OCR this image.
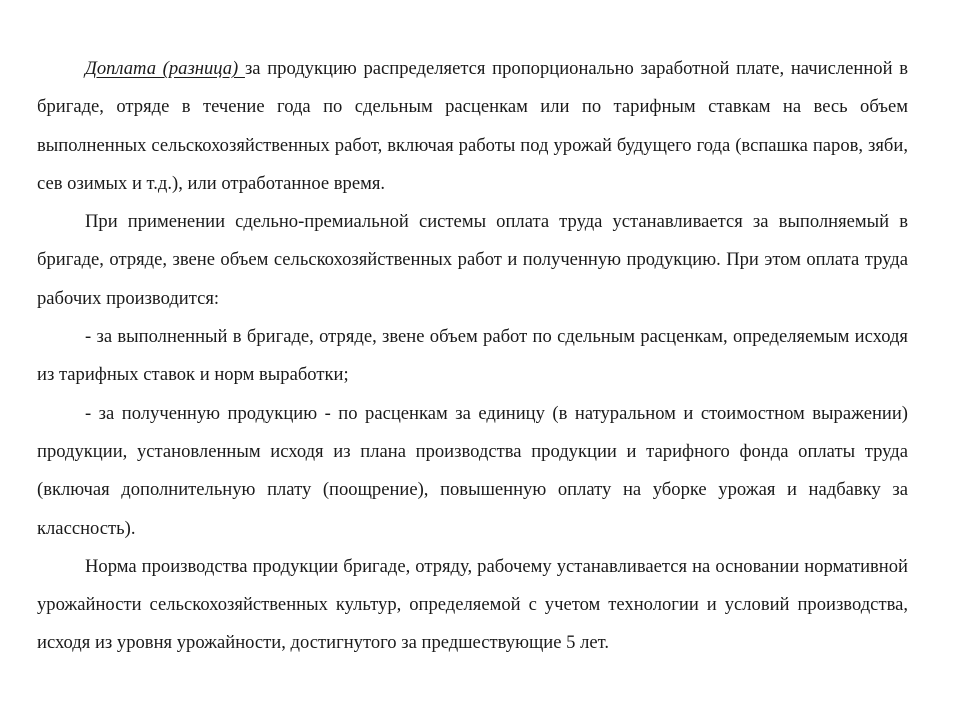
Доплата (разница) за продукцию распределяется пропорционально заработной плате, начисленной в бригаде, отряде в течение года по сдельным расценкам или по тарифным ставкам на весь объем выполненных сельскохозяйственных работ, включая работы под урожай будущего года (вспашка паров, зяби, сев озимых и т.д.), или отработанное время.

При применении сдельно-премиальной системы оплата труда устанавливается за выполняемый в бригаде, отряде, звене объем сельскохозяйственных работ и полученную продукцию. При этом оплата труда рабочих производится:

- за выполненный в бригаде, отряде, звене объем работ по сдельным расценкам, определяемым исходя из тарифных ставок и норм выработки;

- за полученную продукцию - по расценкам за единицу (в натуральном и стоимостном выражении) продукции, установленным исходя из плана производства продукции и тарифного фонда оплаты труда (включая дополнительную плату (поощрение), повышенную оплату на уборке урожая и надбавку за классность).

Норма производства продукции бригаде, отряду, рабочему устанавливается на основании нормативной урожайности сельскохозяйственных культур, определяемой с учетом технологии и условий производства, исходя из уровня урожайности, достигнутого за предшествующие 5 лет.
